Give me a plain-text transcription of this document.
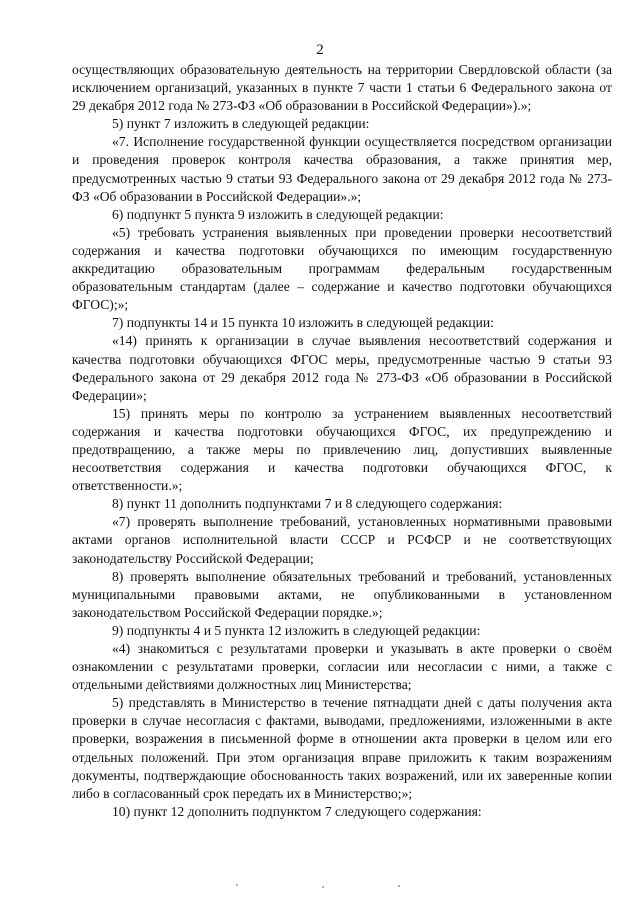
2

осуществляющих образовательную деятельность на территории Свердловской области (за исключением организаций, указанных в пункте 7 части 1 статьи 6 Федерального закона от 29 декабря 2012 года № 273-ФЗ «Об образовании в Российской Федерации»).»;

5) пункт 7 изложить в следующей редакции:

«7. Исполнение государственной функции осуществляется посредством организации и проведения проверок контроля качества образования, а также принятия мер, предусмотренных частью 9 статьи 93 Федерального закона от 29 декабря 2012 года № 273-ФЗ «Об образовании в Российской Федерации».»;

6) подпункт 5 пункта 9 изложить в следующей редакции:

«5) требовать устранения выявленных при проведении проверки несоответствий содержания и качества подготовки обучающихся по имеющим государственную аккредитацию образовательным программам федеральным государственным образовательным стандартам (далее – содержание и качество подготовки обучающихся ФГОС);»;

7) подпункты 14 и 15 пункта 10 изложить в следующей редакции:

«14) принять к организации в случае выявления несоответствий содержания и качества подготовки обучающихся ФГОС меры, предусмотренные частью 9 статьи 93 Федерального закона от 29 декабря 2012 года № 273-ФЗ «Об образовании в Российской Федерации»;

15) принять меры по контролю за устранением выявленных несоответствий содержания и качества подготовки обучающихся ФГОС, их предупреждению и предотвращению, а также меры по привлечению лиц, допустивших выявленные несоответствия содержания и качества подготовки обучающихся ФГОС, к ответственности.»;

8) пункт 11 дополнить подпунктами 7 и 8 следующего содержания:

«7) проверять выполнение требований, установленных нормативными правовыми актами органов исполнительной власти СССР и РСФСР и не соответствующих законодательству Российской Федерации;

8) проверять выполнение обязательных требований и требований, установленных муниципальными правовыми актами, не опубликованными в установленном законодательством Российской Федерации порядке.»;

9) подпункты 4 и 5 пункта 12 изложить в следующей редакции:

«4) знакомиться с результатами проверки и указывать в акте проверки о своём ознакомлении с результатами проверки, согласии или несогласии с ними, а также с отдельными действиями должностных лиц Министерства;

5) представлять в Министерство в течение пятнадцати дней с даты получения акта проверки в случае несогласия с фактами, выводами, предложениями, изложенными в акте проверки, возражения в письменной форме в отношении акта проверки в целом или его отдельных положений. При этом организация вправе приложить к таким возражениям документы, подтверждающие обоснованность таких возражений, или их заверенные копии либо в согласованный срок передать их в Министерство;»;

10) пункт 12 дополнить подпунктом 7 следующего содержания:
